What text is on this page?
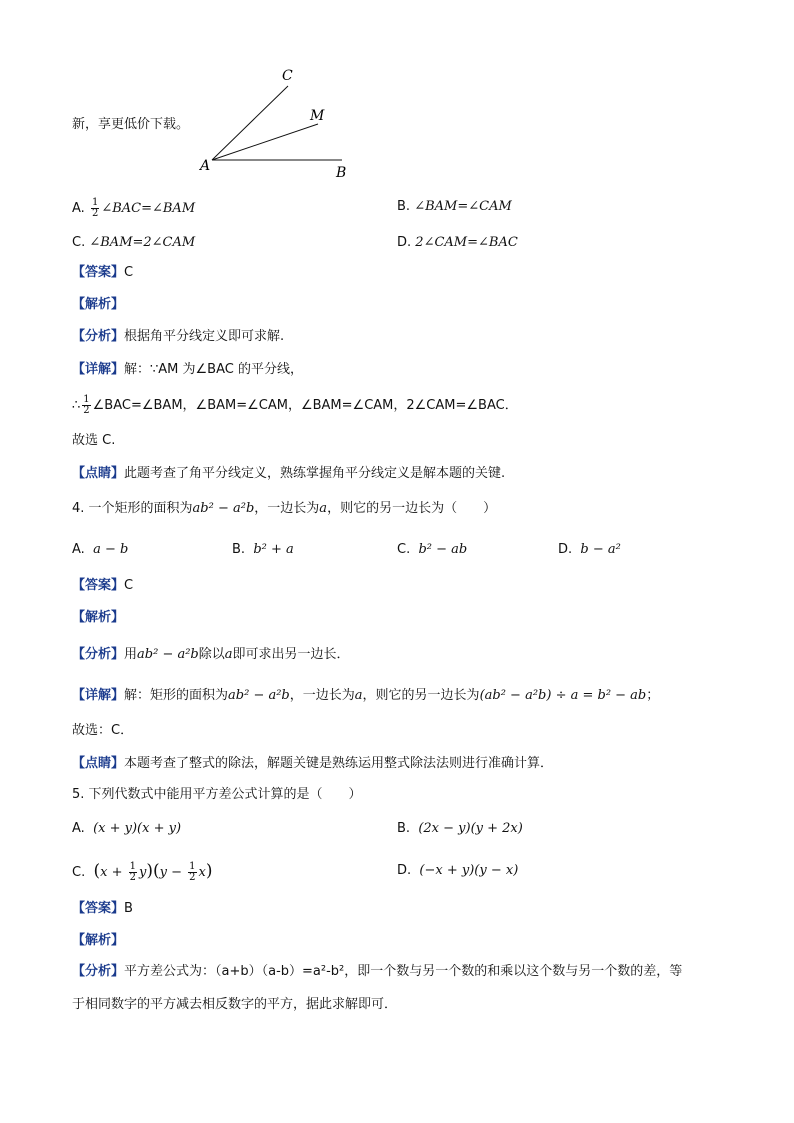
新，享更低价下载。
C
M
A	B
A. $\frac{1}{2}$ ∠BAC=∠BAM	B. ∠BAM=∠CAM
C. ∠BAM=2∠CAM	D. 2∠CAM=∠BAC
【答案】C
【解析】
【分析】根据角平分线定义即可求解.
【详解】解：∵AM 为∠BAC 的平分线，
∴ $\frac{1}{2}$ ∠BAC=∠BAM，∠BAM=∠CAM，∠BAM=∠CAM，2∠CAM=∠BAC．
故选 C.
【点睛】此题考查了角平分线定义，熟练掌握角平分线定义是解本题的关键.
4. 一个矩形的面积为ab² − a²b，一边长为a，则它的另一边长为（　　）
A. a − b	B. b² + a	C. b² − ab	D. b − a²
【答案】C
【解析】
【分析】用ab² − a²b除以a即可求出另一边长．
【详解】解：矩形的面积为ab² − a²b，一边长为a，则它的另一边长为(ab² − a²b) ÷ a = b² − ab；
故选：C．
【点睛】本题考查了整式的除法，解题关键是熟练运用整式除法法则进行准确计算．
5. 下列代数式中能用平方差公式计算的是（　　）
A. (x + y)(x + y)	B. (2x − y)(y + 2x)
C. $(x + \frac{1}{2} y)(y - \frac{1}{2} x)$	D. (−x + y)(y − x)
【答案】B
【解析】
【分析】平方差公式为：（a+b）（a-b）=a²-b²，即一个数与另一个数的和乘以这个数与另一个数的差，等
于相同数字的平方减去相反数字的平方，据此求解即可．
